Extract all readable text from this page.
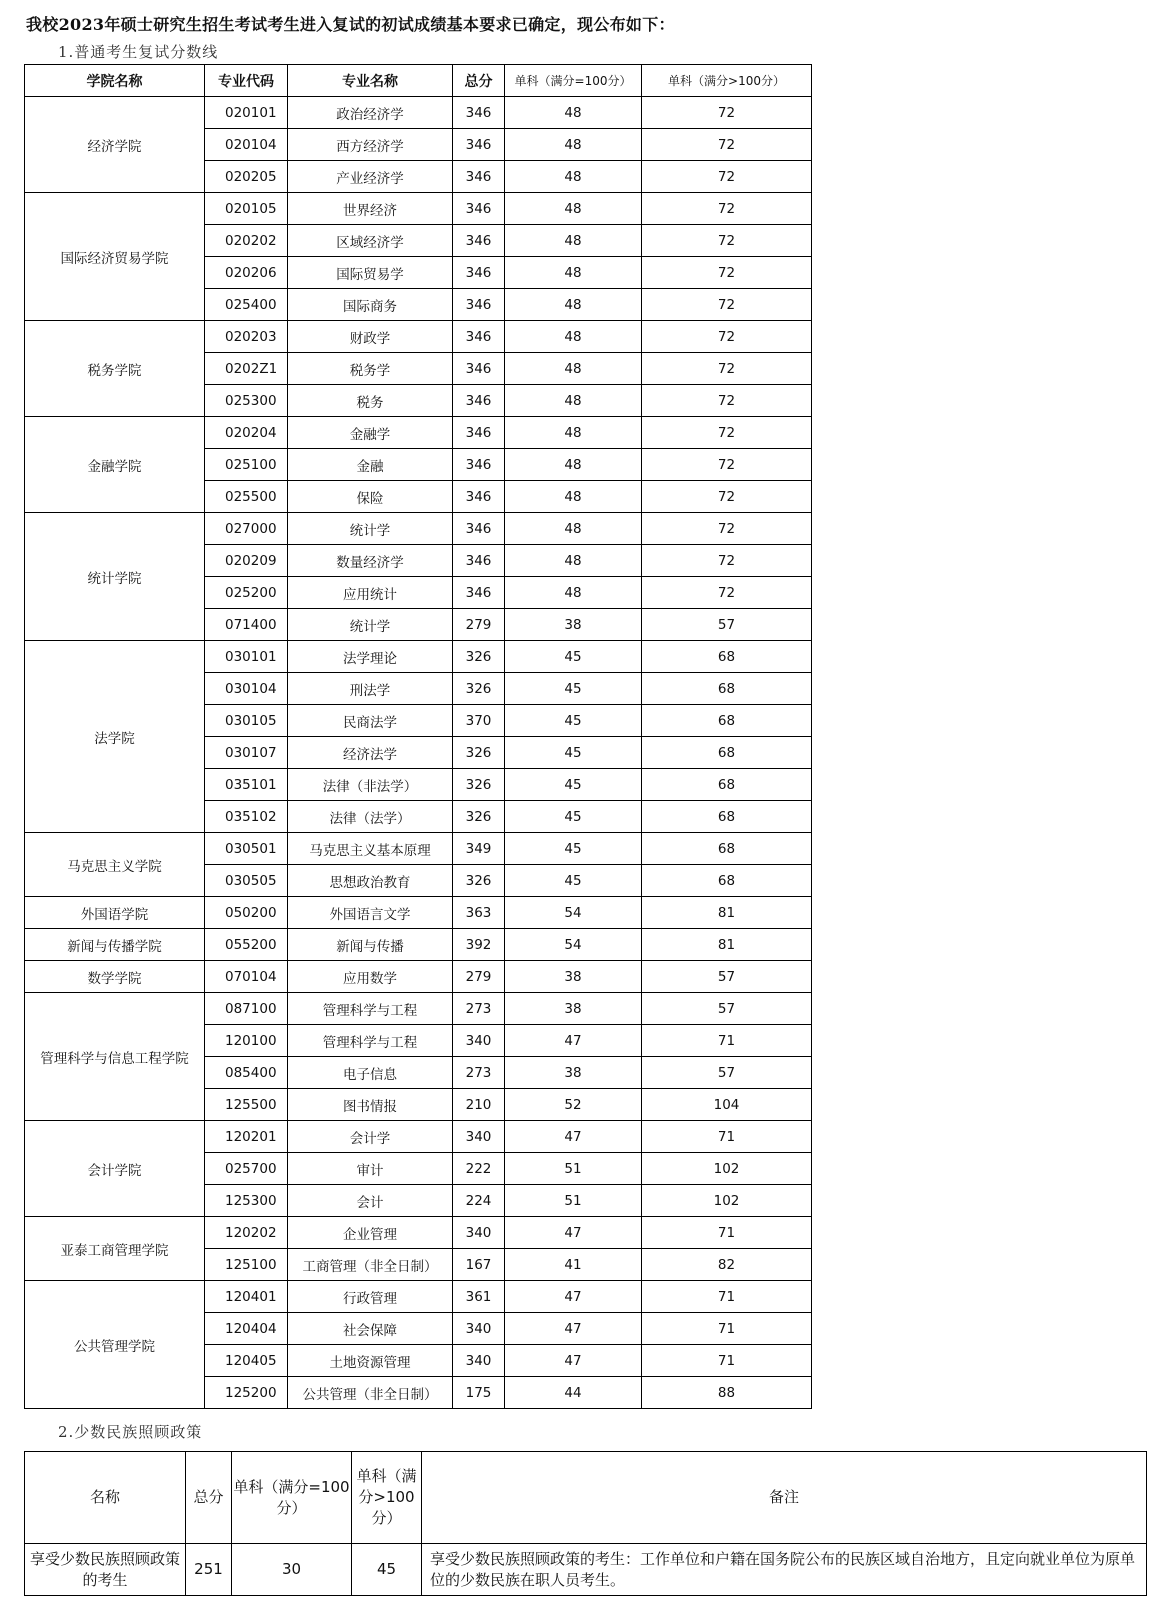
我校2023年硕士研究生招生考试考生进入复试的初试成绩基本要求已确定，现公布如下：
1.普通考生复试分数线
学院名称	专业代码	专业名称	总分	单科（满分=100分）	单科（满分>100分）
经济学院	020101	政治经济学	346	48	72
	020104	西方经济学	346	48	72
	020205	产业经济学	346	48	72
国际经济贸易学院	020105	世界经济	346	48	72
	020202	区域经济学	346	48	72
	020206	国际贸易学	346	48	72
	025400	国际商务	346	48	72
税务学院	020203	财政学	346	48	72
	0202Z1	税务学	346	48	72
	025300	税务	346	48	72
金融学院	020204	金融学	346	48	72
	025100	金融	346	48	72
	025500	保险	346	48	72
统计学院	027000	统计学	346	48	72
	020209	数量经济学	346	48	72
	025200	应用统计	346	48	72
	071400	统计学	279	38	57
法学院	030101	法学理论	326	45	68
	030104	刑法学	326	45	68
	030105	民商法学	370	45	68
	030107	经济法学	326	45	68
	035101	法律（非法学）	326	45	68
	035102	法律（法学）	326	45	68
马克思主义学院	030501	马克思主义基本原理	349	45	68
	030505	思想政治教育	326	45	68
外国语学院	050200	外国语言文学	363	54	81
新闻与传播学院	055200	新闻与传播	392	54	81
数学学院	070104	应用数学	279	38	57
管理科学与信息工程学院	087100	管理科学与工程	273	38	57
	120100	管理科学与工程	340	47	71
	085400	电子信息	273	38	57
	125500	图书情报	210	52	104
会计学院	120201	会计学	340	47	71
	025700	审计	222	51	102
	125300	会计	224	51	102
亚泰工商管理学院	120202	企业管理	340	47	71
	125100	工商管理（非全日制）	167	41	82
公共管理学院	120401	行政管理	361	47	71
	120404	社会保障	340	47	71
	120405	土地资源管理	340	47	71
	125200	公共管理（非全日制）	175	44	88
2.少数民族照顾政策
名称	总分	单科（满分=100分）	单科（满分>100分）	备注
享受少数民族照顾政策的考生	251	30	45	享受少数民族照顾政策的考生：工作单位和户籍在国务院公布的民族区域自治地方，且定向就业单位为原单位的少数民族在职人员考生。
